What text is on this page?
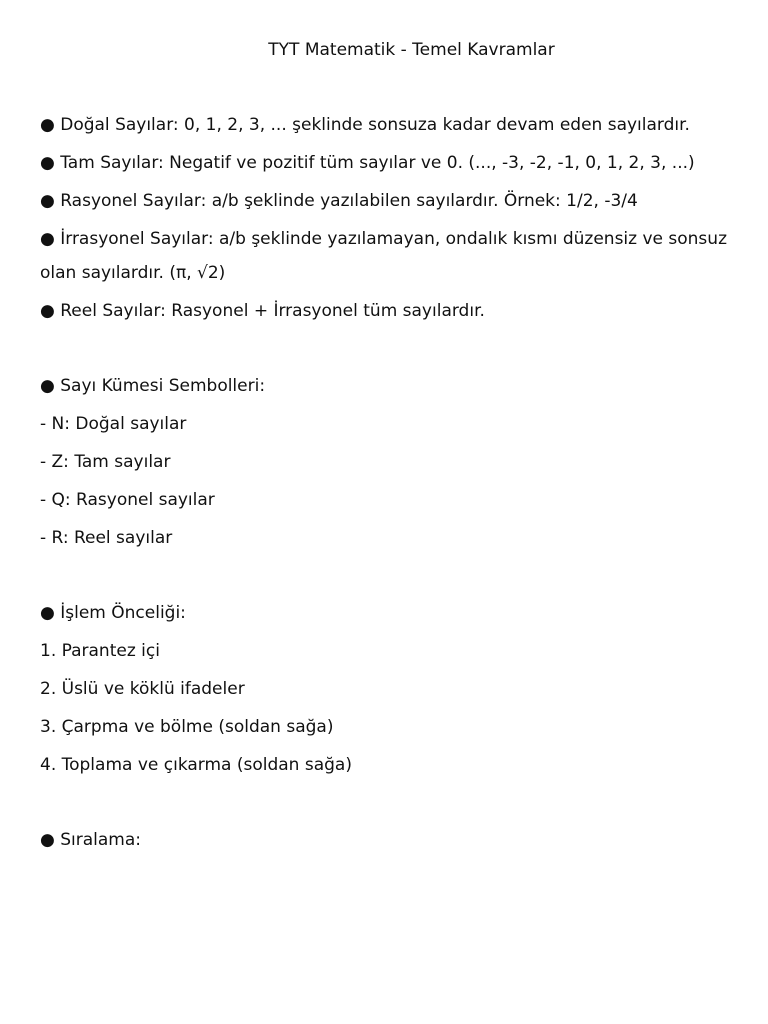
TYT Matematik - Temel Kavramlar
● Doğal Sayılar: 0, 1, 2, 3, ... şeklinde sonsuza kadar devam eden sayılardır.
● Tam Sayılar: Negatif ve pozitif tüm sayılar ve 0. (..., -3, -2, -1, 0, 1, 2, 3, ...)
● Rasyonel Sayılar: a/b şeklinde yazılabilen sayılardır. Örnek: 1/2, -3/4
● İrrasyonel Sayılar: a/b şeklinde yazılamayan, ondalık kısmı düzensiz ve sonsuz olan sayılardır. (π, √2)
● Reel Sayılar: Rasyonel + İrrasyonel tüm sayılardır.
● Sayı Kümesi Sembolleri:
- N: Doğal sayılar
- Z: Tam sayılar
- Q: Rasyonel sayılar
- R: Reel sayılar
● İşlem Önceliği:
1. Parantez içi
2. Üslü ve köklü ifadeler
3. Çarpma ve bölme (soldan sağa)
4. Toplama ve çıkarma (soldan sağa)
● Sıralama:
